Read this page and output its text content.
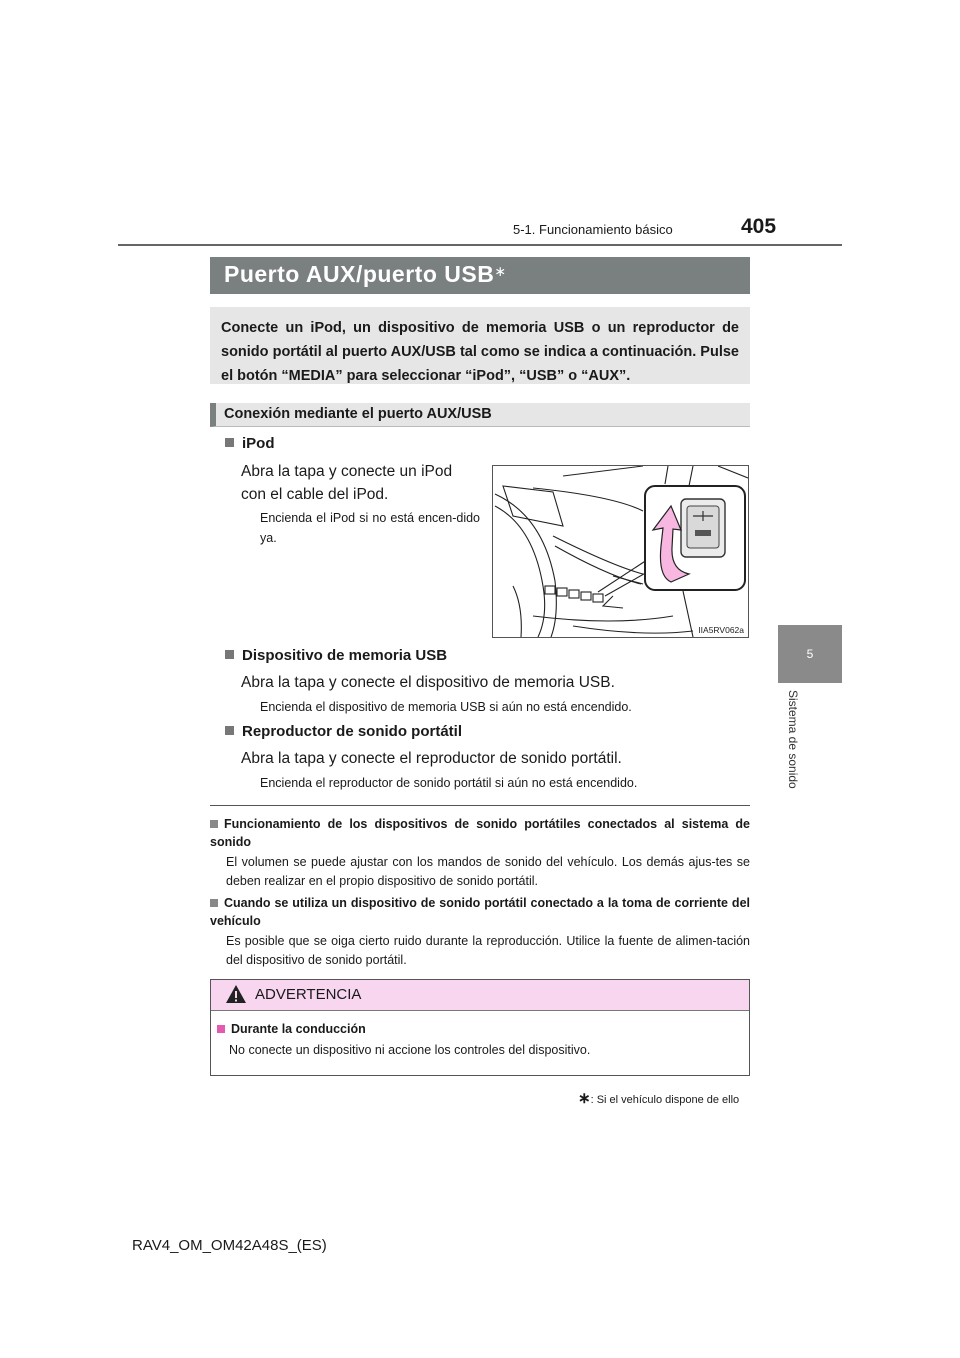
405
5-1. Funcionamiento básico
5
Sistema de sonido
Puerto AUX/puerto USB∗
Conecte un iPod, un dispositivo de memoria USB o un reproductor de sonido portátil al puerto AUX/USB tal como se indica a continuación. Pulse el botón “MEDIA” para seleccionar “iPod”, “USB” o “AUX”.
Conexión mediante el puerto AUX/USB
iPod
Abra la tapa y conecte un iPod con el cable del iPod.
Encienda el iPod si no está encen-dido ya.
IIA5RV062a
Dispositivo de memoria USB
Abra la tapa y conecte el dispositivo de memoria USB.
Encienda el dispositivo de memoria USB si aún no está encendido.
Reproductor de sonido portátil
Abra la tapa y conecte el reproductor de sonido portátil.
Encienda el reproductor de sonido portátil si aún no está encendido.
Funcionamiento de los dispositivos de sonido portátiles conectados al sistema de sonido
El volumen se puede ajustar con los mandos de sonido del vehículo. Los demás ajus-tes se deben realizar en el propio dispositivo de sonido portátil.
Cuando se utiliza un dispositivo de sonido portátil conectado a la toma de corriente del vehículo
Es posible que se oiga cierto ruido durante la reproducción. Utilice la fuente de alimen-tación del dispositivo de sonido portátil.
ADVERTENCIA
Durante la conducción
No conecte un dispositivo ni accione los controles del dispositivo.
∗: Si el vehículo dispone de ello
RAV4_OM_OM42A48S_(ES)
